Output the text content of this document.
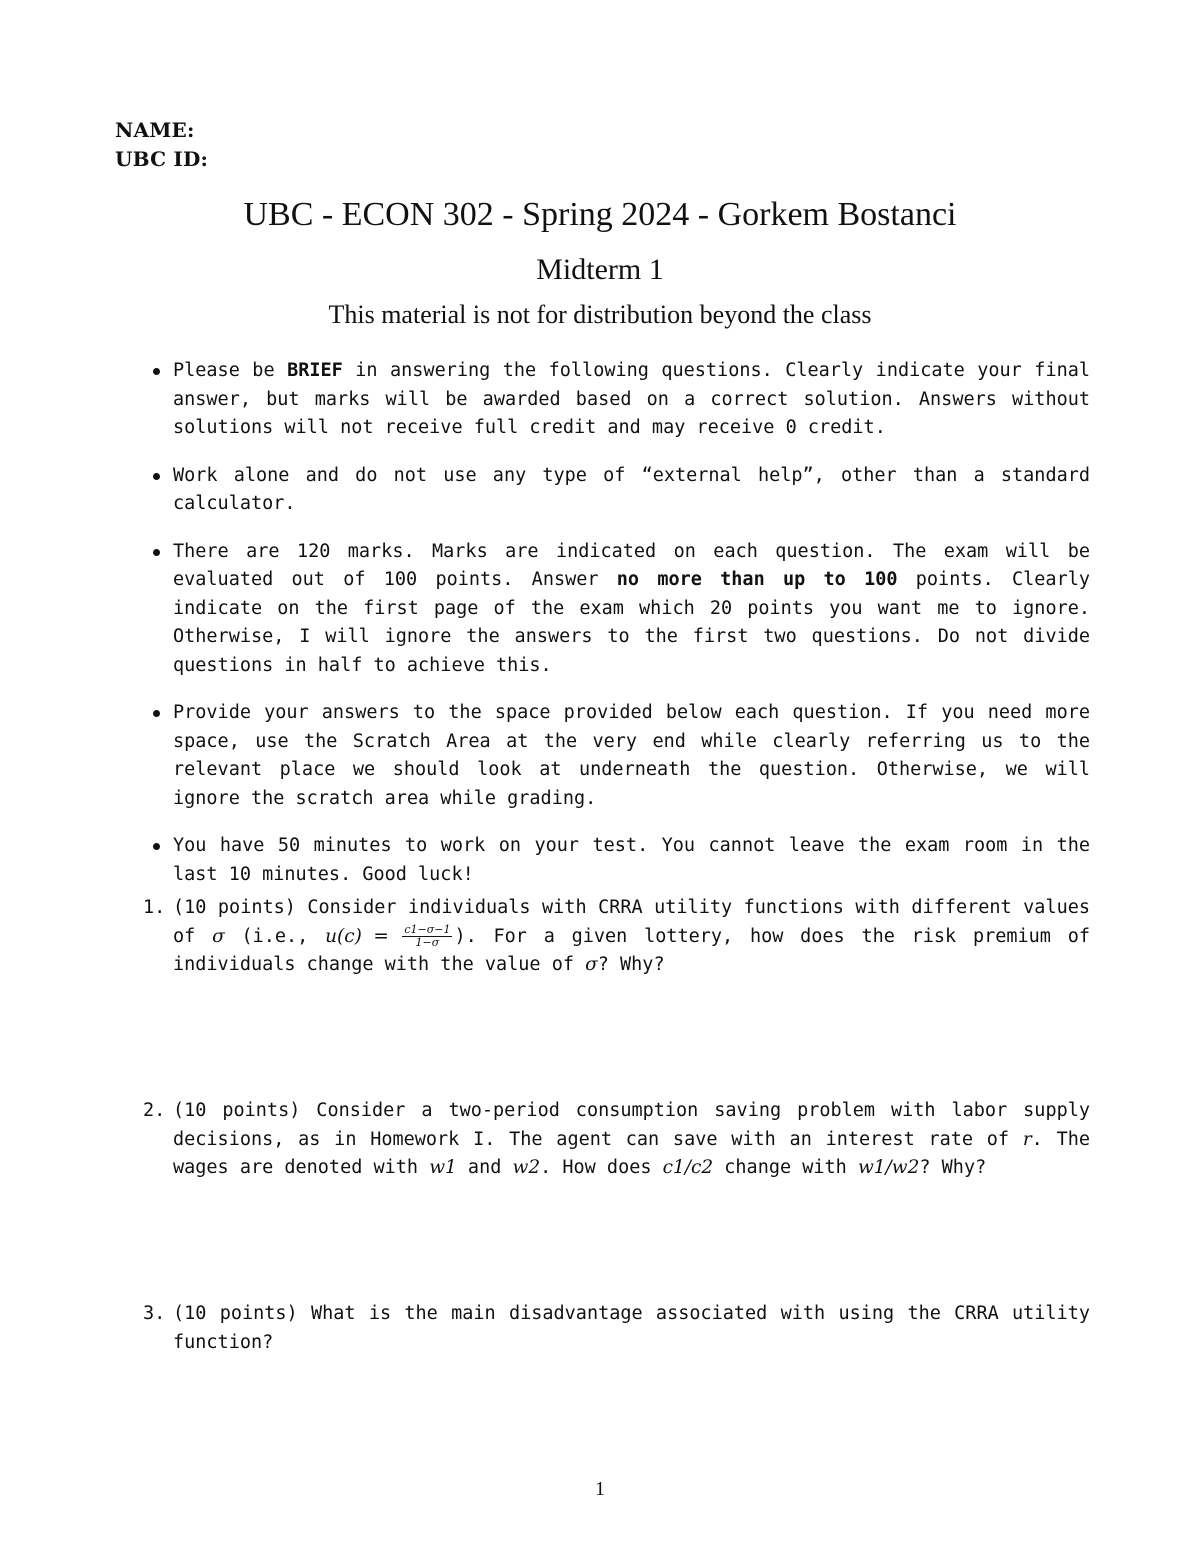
NAME:
UBC ID:
UBC - ECON 302 - Spring 2024 - Gorkem Bostanci
Midterm 1
This material is not for distribution beyond the class
Please be BRIEF in answering the following questions. Clearly indicate your final answer, but marks will be awarded based on a correct solution. Answers without solutions will not receive full credit and may receive 0 credit.
Work alone and do not use any type of “external help”, other than a standard calculator.
There are 120 marks. Marks are indicated on each question. The exam will be evaluated out of 100 points. Answer no more than up to 100 points. Clearly indicate on the first page of the exam which 20 points you want me to ignore. Otherwise, I will ignore the answers to the first two questions. Do not divide questions in half to achieve this.
Provide your answers to the space provided below each question. If you need more space, use the Scratch Area at the very end while clearly referring us to the relevant place we should look at underneath the question. Otherwise, we will ignore the scratch area while grading.
You have 50 minutes to work on your test. You cannot leave the exam room in the last 10 minutes. Good luck!
1. (10 points) Consider individuals with CRRA utility functions with different values of σ (i.e., $u(c) = \frac{c1-\sigma-1}{1-\sigma}$ ). For a given lottery, how does the risk premium of individuals change with the value of σ? Why?
2. (10 points) Consider a two-period consumption saving problem with labor supply decisions, as in Homework I. The agent can save with an interest rate of r. The wages are denoted with w1 and w2. How does c1/c2 change with w1/w2? Why?
3. (10 points) What is the main disadvantage associated with using the CRRA utility function?
1
